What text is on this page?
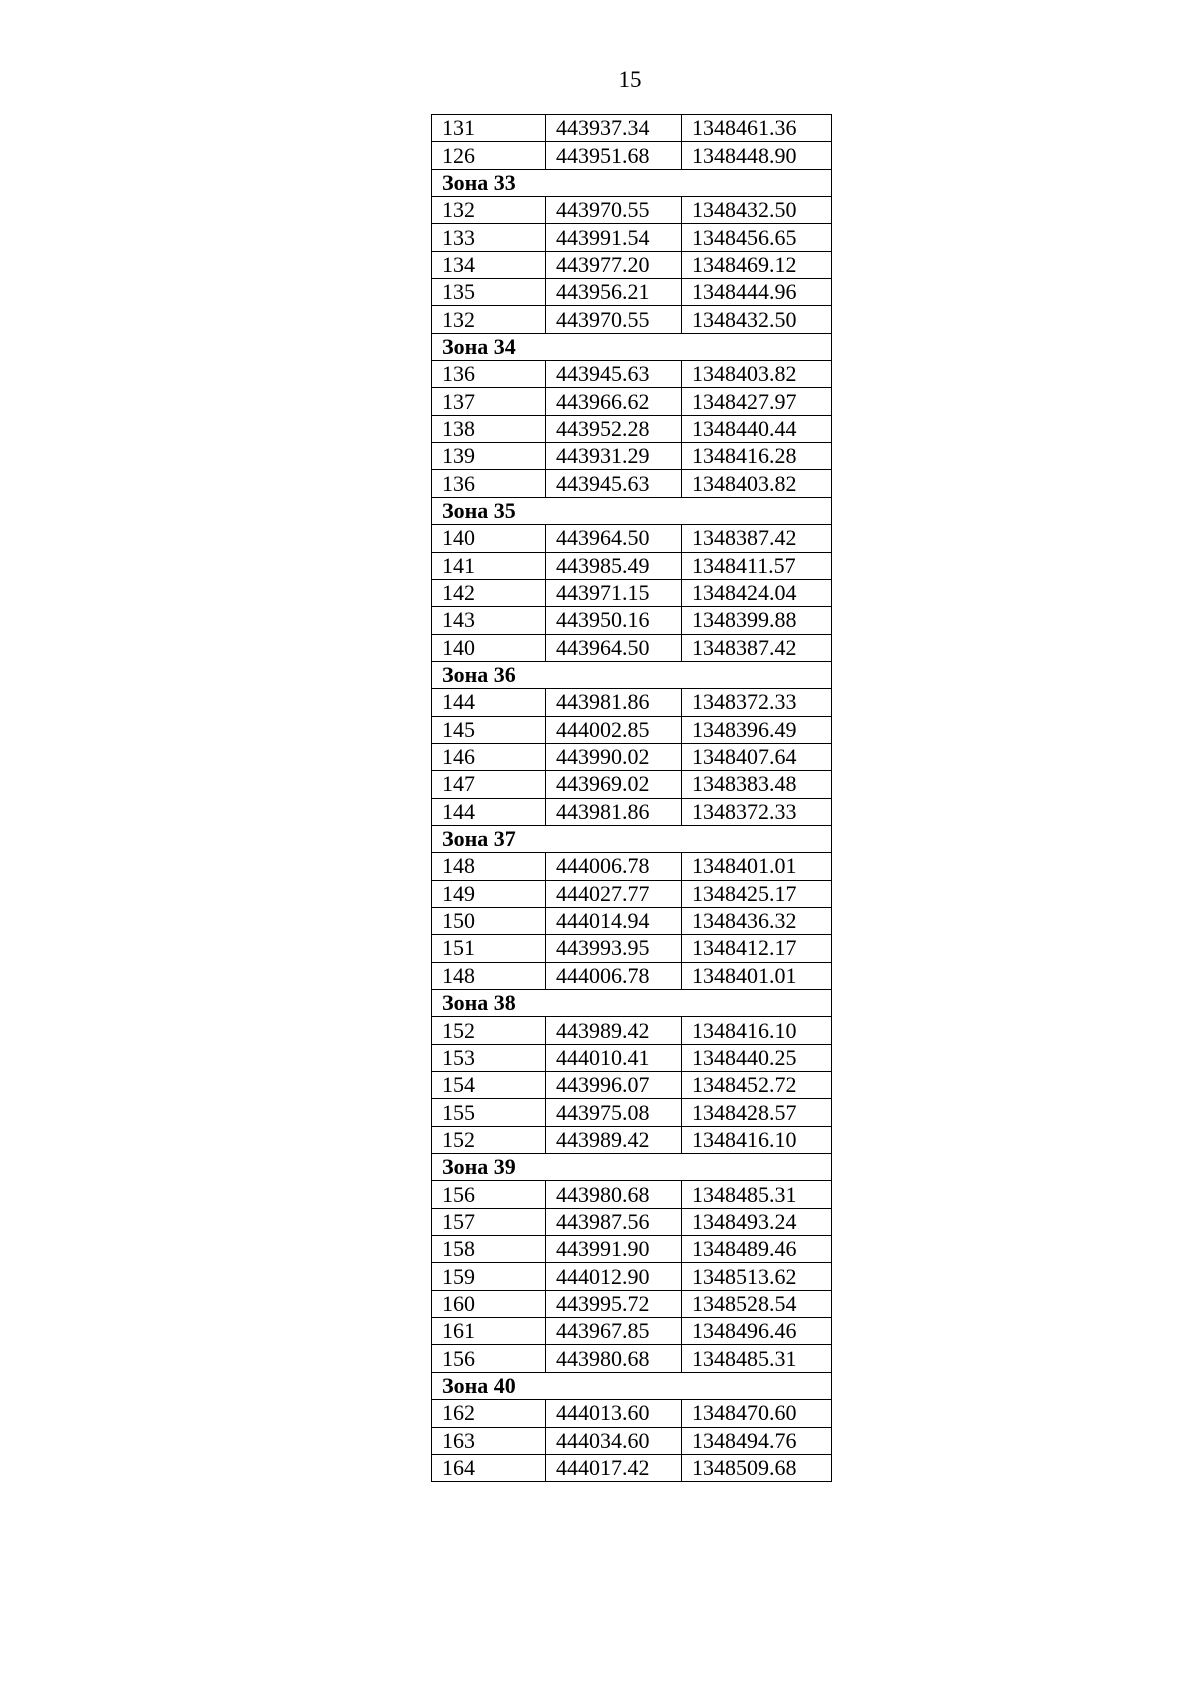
15
131	443937.34	1348461.36
126	443951.68	1348448.90
Зона 33		
132	443970.55	1348432.50
133	443991.54	1348456.65
134	443977.20	1348469.12
135	443956.21	1348444.96
132	443970.55	1348432.50
Зона 34		
136	443945.63	1348403.82
137	443966.62	1348427.97
138	443952.28	1348440.44
139	443931.29	1348416.28
136	443945.63	1348403.82
Зона 35		
140	443964.50	1348387.42
141	443985.49	1348411.57
142	443971.15	1348424.04
143	443950.16	1348399.88
140	443964.50	1348387.42
Зона 36		
144	443981.86	1348372.33
145	444002.85	1348396.49
146	443990.02	1348407.64
147	443969.02	1348383.48
144	443981.86	1348372.33
Зона 37		
148	444006.78	1348401.01
149	444027.77	1348425.17
150	444014.94	1348436.32
151	443993.95	1348412.17
148	444006.78	1348401.01
Зона 38		
152	443989.42	1348416.10
153	444010.41	1348440.25
154	443996.07	1348452.72
155	443975.08	1348428.57
152	443989.42	1348416.10
Зона 39		
156	443980.68	1348485.31
157	443987.56	1348493.24
158	443991.90	1348489.46
159	444012.90	1348513.62
160	443995.72	1348528.54
161	443967.85	1348496.46
156	443980.68	1348485.31
Зона 40		
162	444013.60	1348470.60
163	444034.60	1348494.76
164	444017.42	1348509.68
